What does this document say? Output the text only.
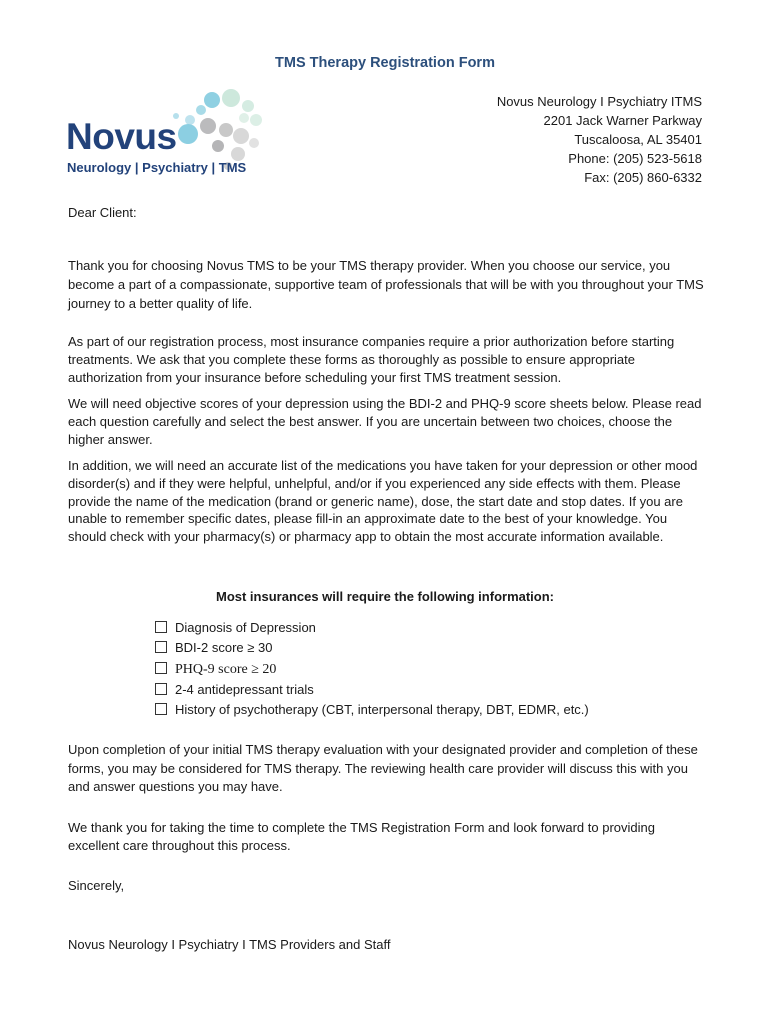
TMS Therapy Registration Form
Novus
Neurology | Psychiatry | TMS
Novus Neurology I Psychiatry ITMS
2201 Jack Warner Parkway
Tuscaloosa, AL 35401
Phone: (205) 523-5618
Fax: (205) 860-6332
Dear Client:
Thank you for choosing Novus TMS to be your TMS therapy provider. When you choose our service, you become a part of a compassionate, supportive team of professionals that will be with you throughout your TMS journey to a better quality of life.
As part of our registration process, most insurance companies require a prior authorization before starting treatments. We ask that you complete these forms as thoroughly as possible to ensure appropriate authorization from your insurance before scheduling your first TMS treatment session.
We will need objective scores of your depression using the BDI-2 and PHQ-9 score sheets below. Please read each question carefully and select the best answer. If you are uncertain between two choices, choose the higher answer.
In addition, we will need an accurate list of the medications you have taken for your depression or other mood disorder(s) and if they were helpful, unhelpful, and/or if you experienced any side effects with them. Please provide the name of the medication (brand or generic name), dose, the start date and stop dates. If you are unable to remember specific dates, please fill-in an approximate date to the best of your knowledge. You should check with your pharmacy(s) or pharmacy app to obtain the most accurate information available.
Most insurances will require the following information:
Diagnosis of Depression
BDI-2 score ≥ 30
PHQ-9 score ≥ 20
2-4 antidepressant trials
History of psychotherapy (CBT, interpersonal therapy, DBT, EDMR, etc.)
Upon completion of your initial TMS therapy evaluation with your designated provider and completion of these forms, you may be considered for TMS therapy. The reviewing health care provider will discuss this with you and answer questions you may have.
We thank you for taking the time to complete the TMS Registration Form and look forward to providing excellent care throughout this process.
Sincerely,
Novus Neurology I Psychiatry I TMS Providers and Staff
